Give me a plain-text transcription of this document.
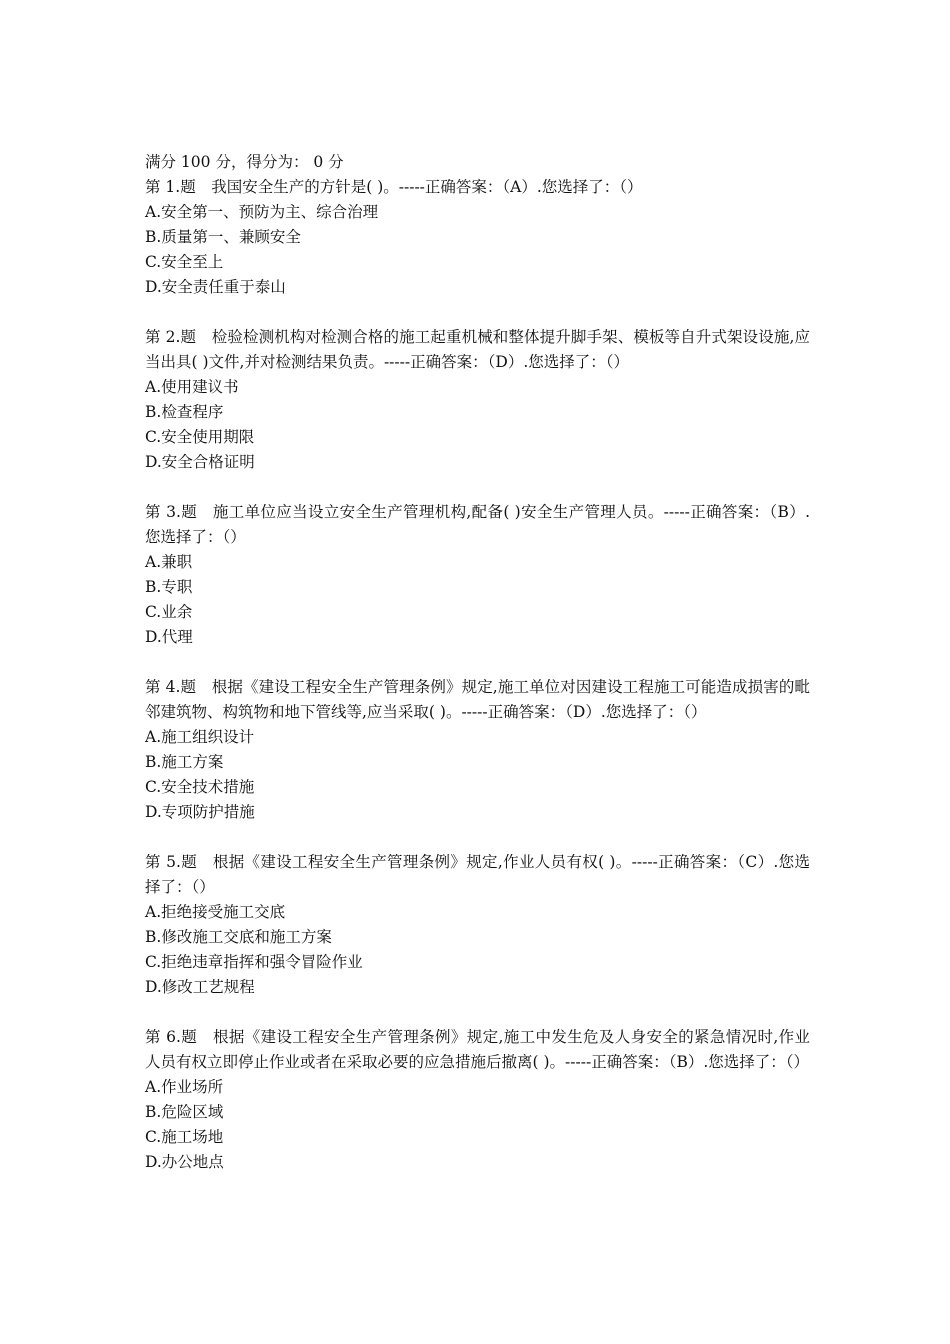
满分 100 分，得分为： 0 分
第 1.题　我国安全生产的方针是( )。-----正确答案：（A）.您选择了：（）
A.安全第一、预防为主、综合治理
B.质量第一、兼顾安全
C.安全至上
D.安全责任重于泰山
第 2.题　检验检测机构对检测合格的施工起重机械和整体提升脚手架、模板等自升式架设设施,应当出具( )文件,并对检测结果负责。-----正确答案：（D）.您选择了：（）
A.使用建议书
B.检查程序
C.安全使用期限
D.安全合格证明
第 3.题　施工单位应当设立安全生产管理机构,配备( )安全生产管理人员。-----正确答案：（B）.您选择了：（）
A.兼职
B.专职
C.业余
D.代理
第 4.题　根据《建设工程安全生产管理条例》规定,施工单位对因建设工程施工可能造成损害的毗邻建筑物、构筑物和地下管线等,应当采取( )。-----正确答案：（D）.您选择了：（）
A.施工组织设计
B.施工方案
C.安全技术措施
D.专项防护措施
第 5.题　根据《建设工程安全生产管理条例》规定,作业人员有权( )。-----正确答案：（C）.您选择了：（）
A.拒绝接受施工交底
B.修改施工交底和施工方案
C.拒绝违章指挥和强令冒险作业
D.修改工艺规程
第 6.题　根据《建设工程安全生产管理条例》规定,施工中发生危及人身安全的紧急情况时,作业人员有权立即停止作业或者在采取必要的应急措施后撤离( )。-----正确答案：（B）.您选择了：（）
A.作业场所
B.危险区域
C.施工场地
D.办公地点
